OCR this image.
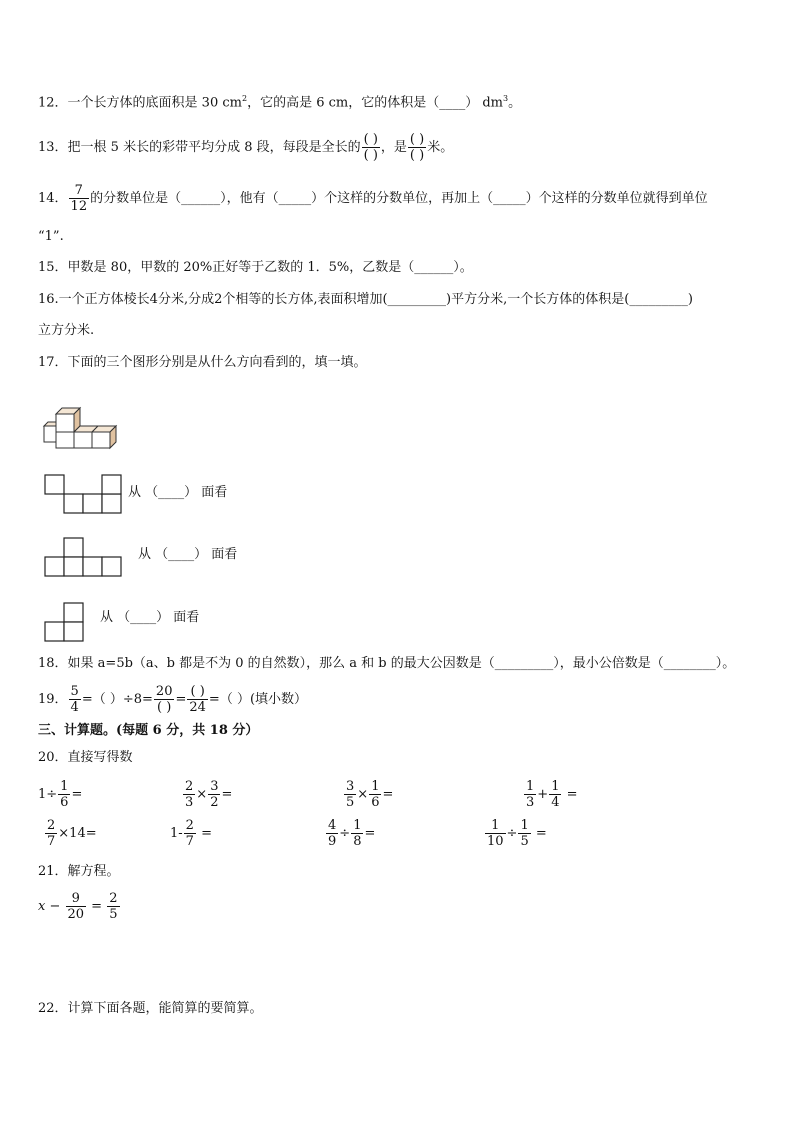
12．一个长方体的底面积是 30 $cm^2$，它的高是 6 cm，它的体积是（____） $dm^3$。
13．把一根 5 米长的彩带平均分成 8 段，每段是全长的 $\frac{( )}{( )}$ ，是 $\frac{( )}{( )}$ 米。
14． $\frac{7}{12}$ 的分数单位是（______），他有（_____）个这样的分数单位，再加上（_____）个这样的分数单位就得到单位
“1”.
15．甲数是 80，甲数的 20%正好等于乙数的 1．5%，乙数是（______）。
16.一个正方体棱长4分米,分成2个相等的长方体,表面积增加(_________)平方分米,一个长方体的体积是(_________)
立方分米.
17．下面的三个图形分别是从什么方向看到的，填一填。
从 （____） 面看
从 （____） 面看
从 （____） 面看
18．如果 a=5b（a、b 都是不为 0 的自然数），那么 a 和 b 的最大公因数是（_________），最小公倍数是（________）。
19． $\frac{5}{4}$ =（ ）$\div 8= \frac{20}{( )} = \frac{( )}{24}$ =（ ）(填小数）
三、计算题。(每题 6 分，共 18 分）
20．直接写得数
$1\div \frac{1}{6}$ =	$\frac{2}{3} \times \frac{3}{2}$ =	$\frac{3}{5} \times \frac{1}{6}$ =	$\frac{1}{3} + \frac{1}{4}$ =
$\frac{2}{7} \times 14=$	$1- \frac{2}{7}$ =	$\frac{4}{9} \div \frac{1}{8}$ =	$\frac{1}{10} \div \frac{1}{5}$ =
21．解方程。
$x - \frac{9}{20} = \frac{2}{5}$
22．计算下面各题，能简算的要简算。
